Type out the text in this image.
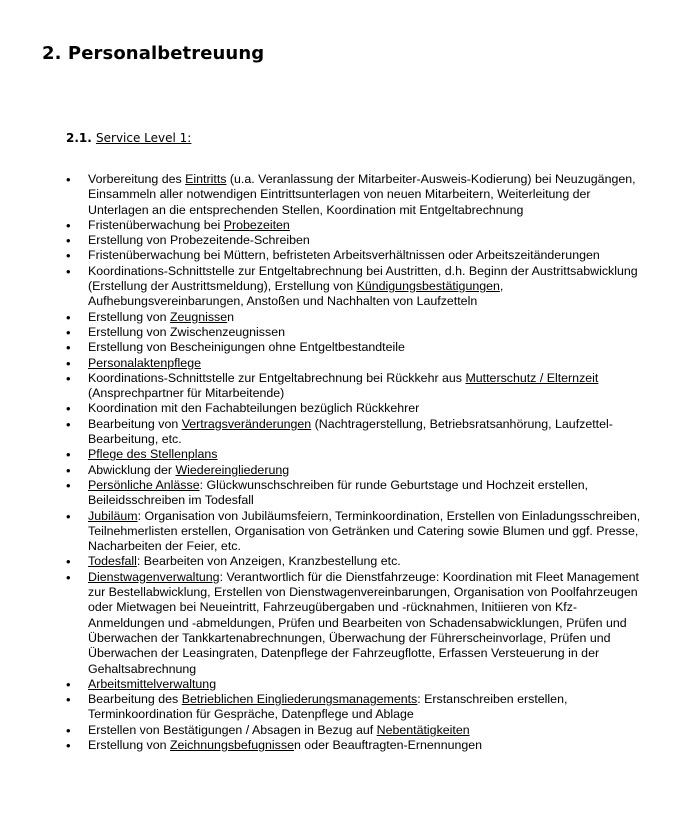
2. Personalbetreuung
2.1. Service Level 1:
• Vorbereitung des Eintritts (u.a. Veranlassung der Mitarbeiter-Ausweis-Kodierung) bei Neuzugängen, Einsammeln aller notwendigen Eintrittsunterlagen von neuen Mitarbeitern, Weiterleitung der Unterlagen an die entsprechenden Stellen, Koordination mit Entgeltabrechnung
• Fristenüberwachung bei Probezeiten
• Erstellung von Probezeitende-Schreiben
• Fristenüberwachung bei Müttern, befristeten Arbeitsverhältnissen oder Arbeitszeitänderungen
• Koordinations-Schnittstelle zur Entgeltabrechnung bei Austritten, d.h. Beginn der Austrittsabwicklung (Erstellung der Austrittsmeldung), Erstellung von Kündigungsbestätigungen, Aufhebungsvereinbarungen, Anstoßen und Nachhalten von Laufzetteln
• Erstellung von Zeugnissen
• Erstellung von Zwischenzeugnissen
• Erstellung von Bescheinigungen ohne Entgeltbestandteile
• Personalaktenpflege
• Koordinations-Schnittstelle zur Entgeltabrechnung bei Rückkehr aus Mutterschutz / Elternzeit (Ansprechpartner für Mitarbeitende)
• Koordination mit den Fachabteilungen bezüglich Rückkehrer
• Bearbeitung von Vertragsveränderungen (Nachtragerstellung, Betriebsratsanhörung, Laufzettel-Bearbeitung, etc.
• Pflege des Stellenplans
• Abwicklung der Wiedereingliederung
• Persönliche Anlässe: Glückwunschschreiben für runde Geburtstage und Hochzeit erstellen, Beileidsschreiben im Todesfall
• Jubiläum: Organisation von Jubiläumsfeiern, Terminkoordination, Erstellen von Einladungsschreiben, Teilnehmerlisten erstellen, Organisation von Getränken und Catering sowie Blumen und ggf. Presse, Nacharbeiten der Feier, etc.
• Todesfall: Bearbeiten von Anzeigen, Kranzbestellung etc.
• Dienstwagenverwaltung: Verantwortlich für die Dienstfahrzeuge: Koordination mit Fleet Management zur Bestellabwicklung, Erstellen von Dienstwagenvereinbarungen, Organisation von Poolfahrzeugen oder Mietwagen bei Neueintritt, Fahrzeugübergaben und -rücknahmen, Initiieren von Kfz-Anmeldungen und -abmeldungen, Prüfen und Bearbeiten von Schadensabwicklungen, Prüfen und Überwachen der Tankkartenabrechnungen, Überwachung der Führerscheinvorlage, Prüfen und Überwachen der Leasingraten, Datenpflege der Fahrzeugflotte, Erfassen Versteuerung in der Gehaltsabrechnung
• Arbeitsmittelverwaltung
• Bearbeitung des Betrieblichen Eingliederungsmanagements: Erstanschreiben erstellen, Terminkoordination für Gespräche, Datenpflege und Ablage
• Erstellen von Bestätigungen / Absagen in Bezug auf Nebentätigkeiten
• Erstellung von Zeichnungsbefugnissen oder Beauftragten-Ernennungen
